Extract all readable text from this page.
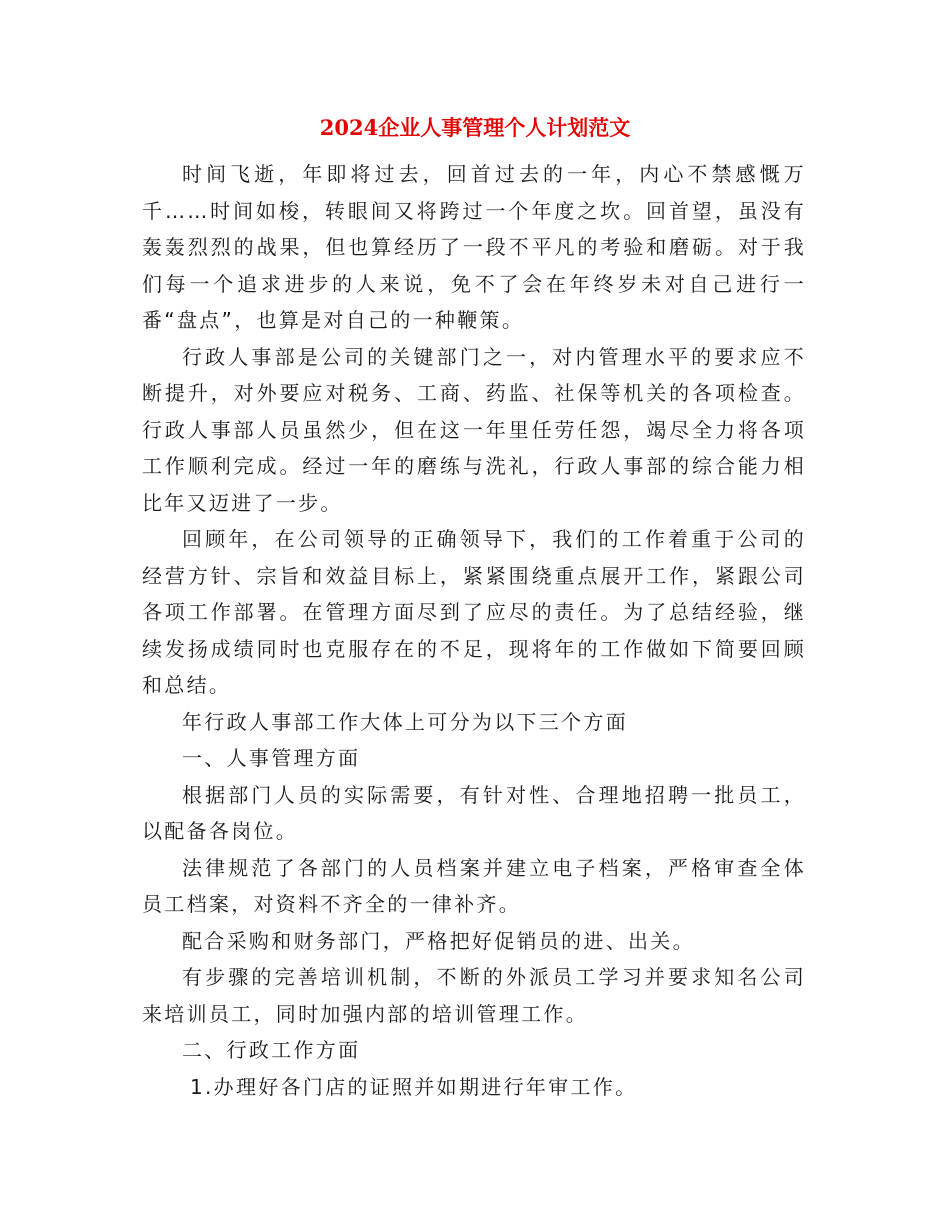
2024企业人事管理个人计划范文

时间飞逝，年即将过去，回首过去的一年，内心不禁感慨万千……时间如梭，转眼间又将跨过一个年度之坎。回首望，虽没有轰轰烈烈的战果，但也算经历了一段不平凡的考验和磨砺。对于我们每一个追求进步的人来说，免不了会在年终岁未对自己进行一番“盘点”，也算是对自己的一种鞭策。

行政人事部是公司的关键部门之一，对内管理水平的要求应不断提升，对外要应对税务、工商、药监、社保等机关的各项检查。行政人事部人员虽然少，但在这一年里任劳任怨，竭尽全力将各项工作顺利完成。经过一年的磨练与洗礼，行政人事部的综合能力相比年又迈进了一步。

回顾年，在公司领导的正确领导下，我们的工作着重于公司的经营方针、宗旨和效益目标上，紧紧围绕重点展开工作，紧跟公司各项工作部署。在管理方面尽到了应尽的责任。为了总结经验，继续发扬成绩同时也克服存在的不足，现将年的工作做如下简要回顾和总结。

年行政人事部工作大体上可分为以下三个方面

一、人事管理方面

根据部门人员的实际需要，有针对性、合理地招聘一批员工，以配备各岗位。

法律规范了各部门的人员档案并建立电子档案，严格审查全体员工档案，对资料不齐全的一律补齐。

配合采购和财务部门，严格把好促销员的进、出关。

有步骤的完善培训机制，不断的外派员工学习并要求知名公司来培训员工，同时加强内部的培训管理工作。

二、行政工作方面

1.办理好各门店的证照并如期进行年审工作。
